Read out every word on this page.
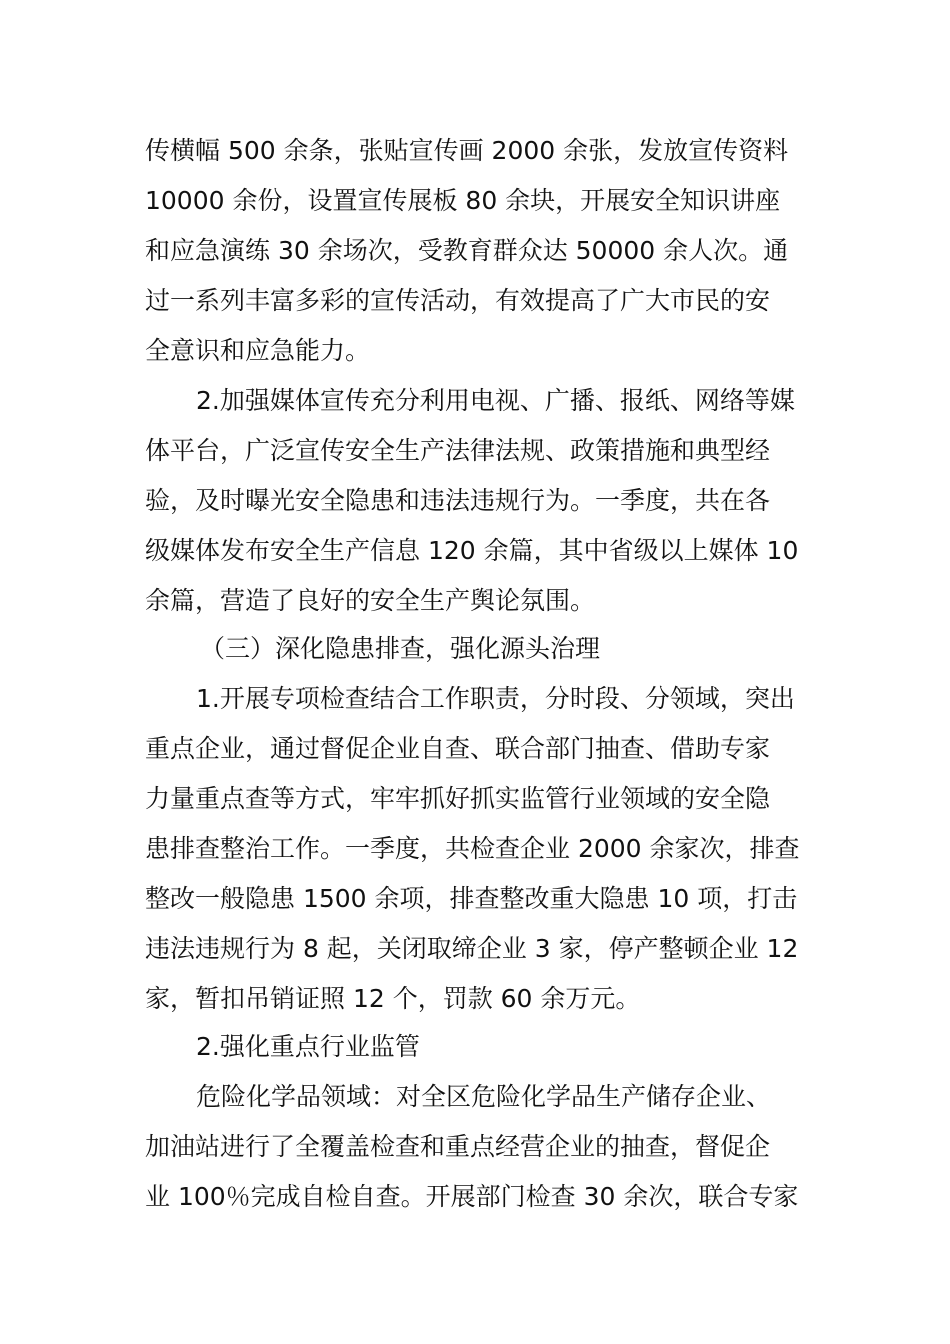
传横幅 500 余条，张贴宣传画 2000 余张，发放宣传资料
10000 余份，设置宣传展板 80 余块，开展安全知识讲座
和应急演练 30 余场次，受教育群众达 50000 余人次。通
过一系列丰富多彩的宣传活动，有效提高了广大市民的安
全意识和应急能力。
2.加强媒体宣传充分利用电视、广播、报纸、网络等媒
体平台，广泛宣传安全生产法律法规、政策措施和典型经
验，及时曝光安全隐患和违法违规行为。一季度，共在各
级媒体发布安全生产信息 120 余篇，其中省级以上媒体 10
余篇，营造了良好的安全生产舆论氛围。
（三）深化隐患排查，强化源头治理
1.开展专项检查结合工作职责，分时段、分领域，突出
重点企业，通过督促企业自查、联合部门抽查、借助专家
力量重点查等方式，牢牢抓好抓实监管行业领域的安全隐
患排查整治工作。一季度，共检查企业 2000 余家次，排查
整改一般隐患 1500 余项，排查整改重大隐患 10 项，打击
违法违规行为 8 起，关闭取缔企业 3 家，停产整顿企业 12
家，暂扣吊销证照 12 个，罚款 60 余万元。
2.强化重点行业监管
危险化学品领域：对全区危险化学品生产储存企业、
加油站进行了全覆盖检查和重点经营企业的抽查，督促企
业 100％完成自检自查。开展部门检查 30 余次，联合专家
